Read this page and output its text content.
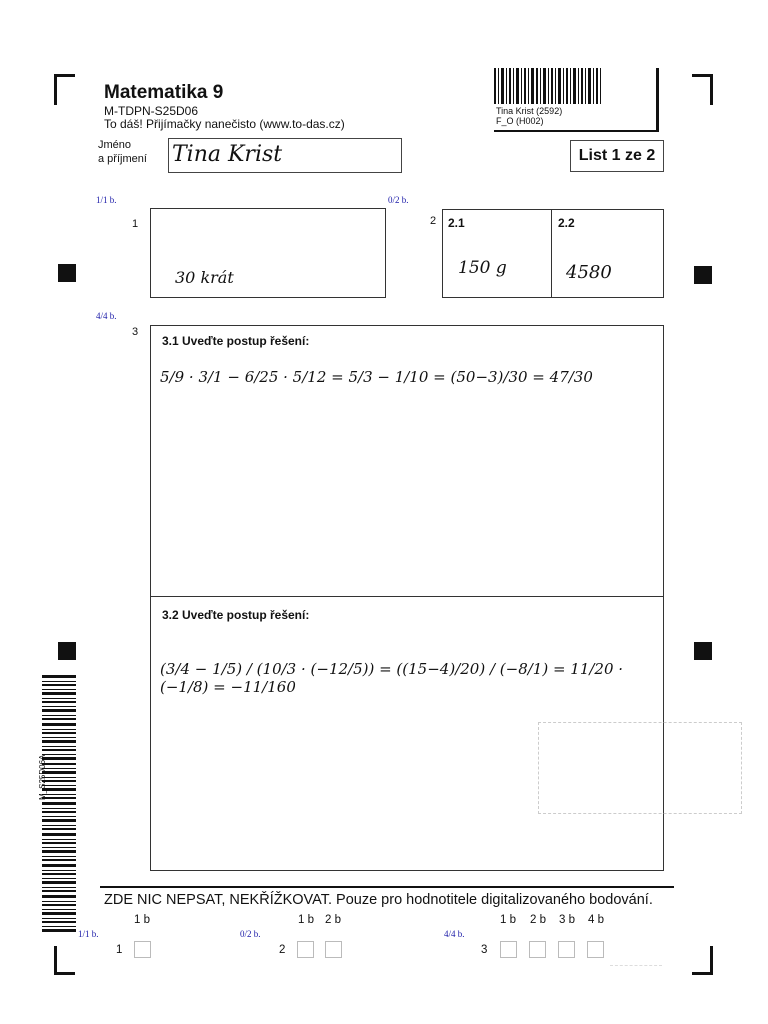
Matematika 9
M-TDPN-S25D06
To dáš! Přijímačky nanečisto (www.to-das.cz)
Jméno
a příjmení Tina Krist
Tina Krist (2592)
F_O (H002)
List 1 ze 2
1/1 b.
1
30 krát
0/2 b.
2 2.1	2.2
150 g	4580
4/4 b.
3
3.1 Uveďte postup řešení:
5/9 · 3/1 − 6/25 · 5/12 = 5/3 − 1/10 = (50−3)/30 = 47/30
3.2 Uveďte postup řešení:
(3/4 − 1/5) / (10/3 · (−12/5)) = ((15−4)/20) / (−8/1) = 11/20 · (−1/8) = −11/160
M_S25D06A
ZDE NIC NEPSAT, NEKŘÍŽKOVAT. Pouze pro hodnotitele digitalizovaného bodování.
1/1 b.
1 b
1
0/2 b.
1 b 2 b
2
4/4 b.
1 b 2 b 3 b 4 b
3
